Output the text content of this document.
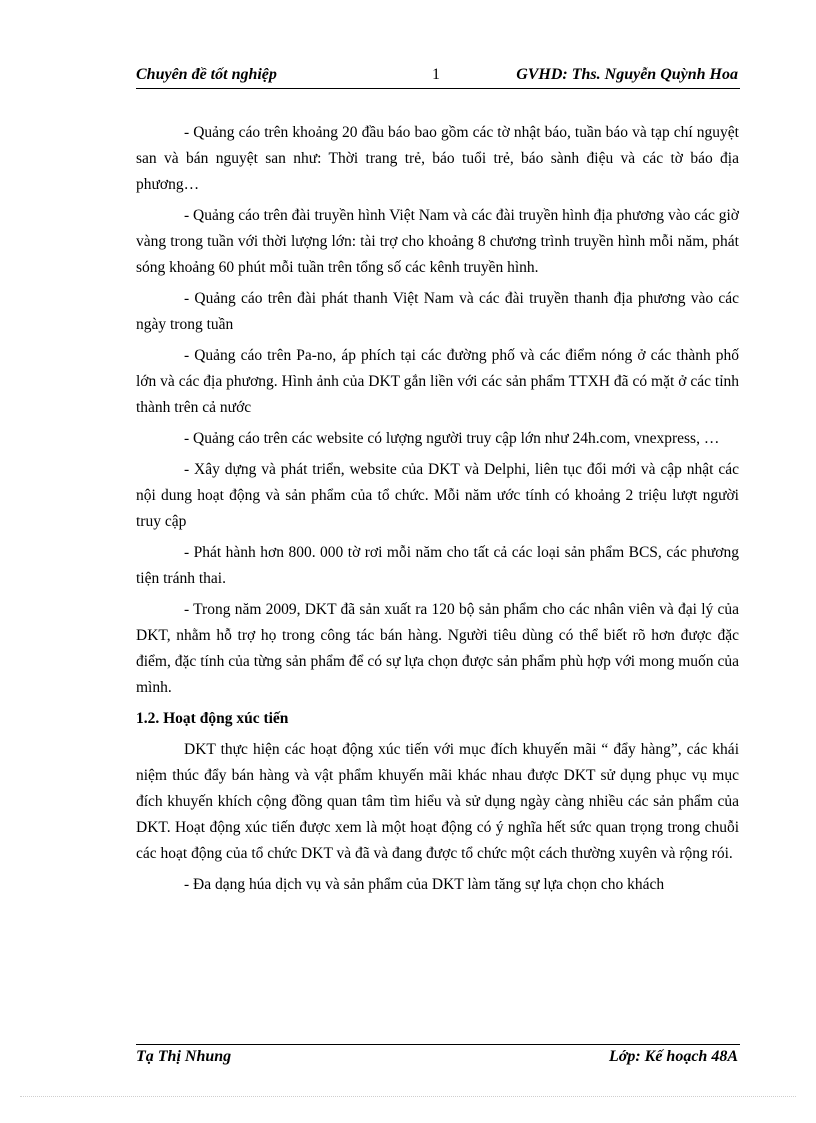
Chuyên đề tốt nghiệp	1	GVHD: Ths. Nguyễn Quỳnh Hoa

- Quảng cáo trên khoảng 20 đầu báo bao gồm các tờ nhật báo, tuần báo và tạp chí nguyệt san và bán nguyệt san như: Thời trang trẻ, báo tuổi trẻ, báo sành điệu và các tờ báo địa phương…

- Quảng cáo trên đài truyền hình Việt Nam và các đài truyền hình địa phương vào các giờ vàng trong tuần với thời lượng lớn: tài trợ cho khoảng 8 chương trình truyền hình mỗi năm, phát sóng khoảng 60 phút mỗi tuần trên tổng số các kênh truyền hình.

- Quảng cáo trên đài phát thanh Việt Nam và các đài truyền thanh địa phương vào các ngày trong tuần

- Quảng cáo trên Pa-no, áp phích tại các đường phố và các điểm nóng ở các thành phố lớn và các địa phương. Hình ảnh của DKT gắn liền với các sản phẩm TTXH đã có mặt ở các tỉnh thành trên cả nước

- Quảng cáo trên các website có lượng người truy cập lớn như 24h.com, vnexpress, …

- Xây dựng và phát triển, website của DKT và Delphi, liên tục đổi mới và cập nhật các nội dung hoạt động và sản phẩm của tổ chức. Mỗi năm ước tính có khoảng 2 triệu lượt người truy cập

- Phát hành hơn 800. 000 tờ rơi mỗi năm cho tất cả các loại sản phẩm BCS, các phương tiện tránh thai.

- Trong năm 2009, DKT đã sản xuất ra 120 bộ sản phẩm cho các nhân viên và đại lý của DKT, nhằm hỗ trợ họ trong công tác bán hàng. Người tiêu dùng có thể biết rõ hơn được đặc điểm, đặc tính của từng sản phẩm để có sự lựa chọn được sản phẩm phù hợp với mong muốn của mình.

1.2. Hoạt động xúc tiến

DKT thực hiện các hoạt động xúc tiến với mục đích khuyến mãi “ đẩy hàng”, các khái niệm thúc đẩy bán hàng và vật phẩm khuyến mãi khác nhau được DKT sử dụng phục vụ mục đích khuyến khích cộng đồng quan tâm tìm hiểu và sử dụng ngày càng nhiều các sản phẩm của DKT. Hoạt động xúc tiến được xem là một hoạt động có ý nghĩa hết sức quan trọng trong chuỗi các hoạt động của tổ chức DKT và đã và đang được tổ chức một cách thường xuyên và rộng rói.

- Đa dạng húa dịch vụ và sản phẩm của DKT làm tăng sự lựa chọn cho khách

Tạ Thị Nhung	Lớp: Kế hoạch 48A
